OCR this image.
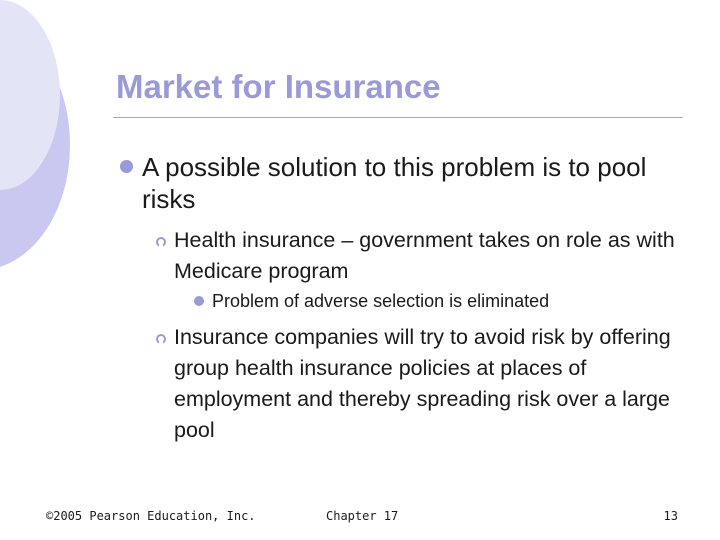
Market for Insurance
A possible solution to this problem is to pool risks
Health insurance – government takes on role as with Medicare program
Problem of adverse selection is eliminated
Insurance companies will try to avoid risk by offering group health insurance policies at places of employment and thereby spreading risk over a large pool
©2005 Pearson Education, Inc.	Chapter 17	13
